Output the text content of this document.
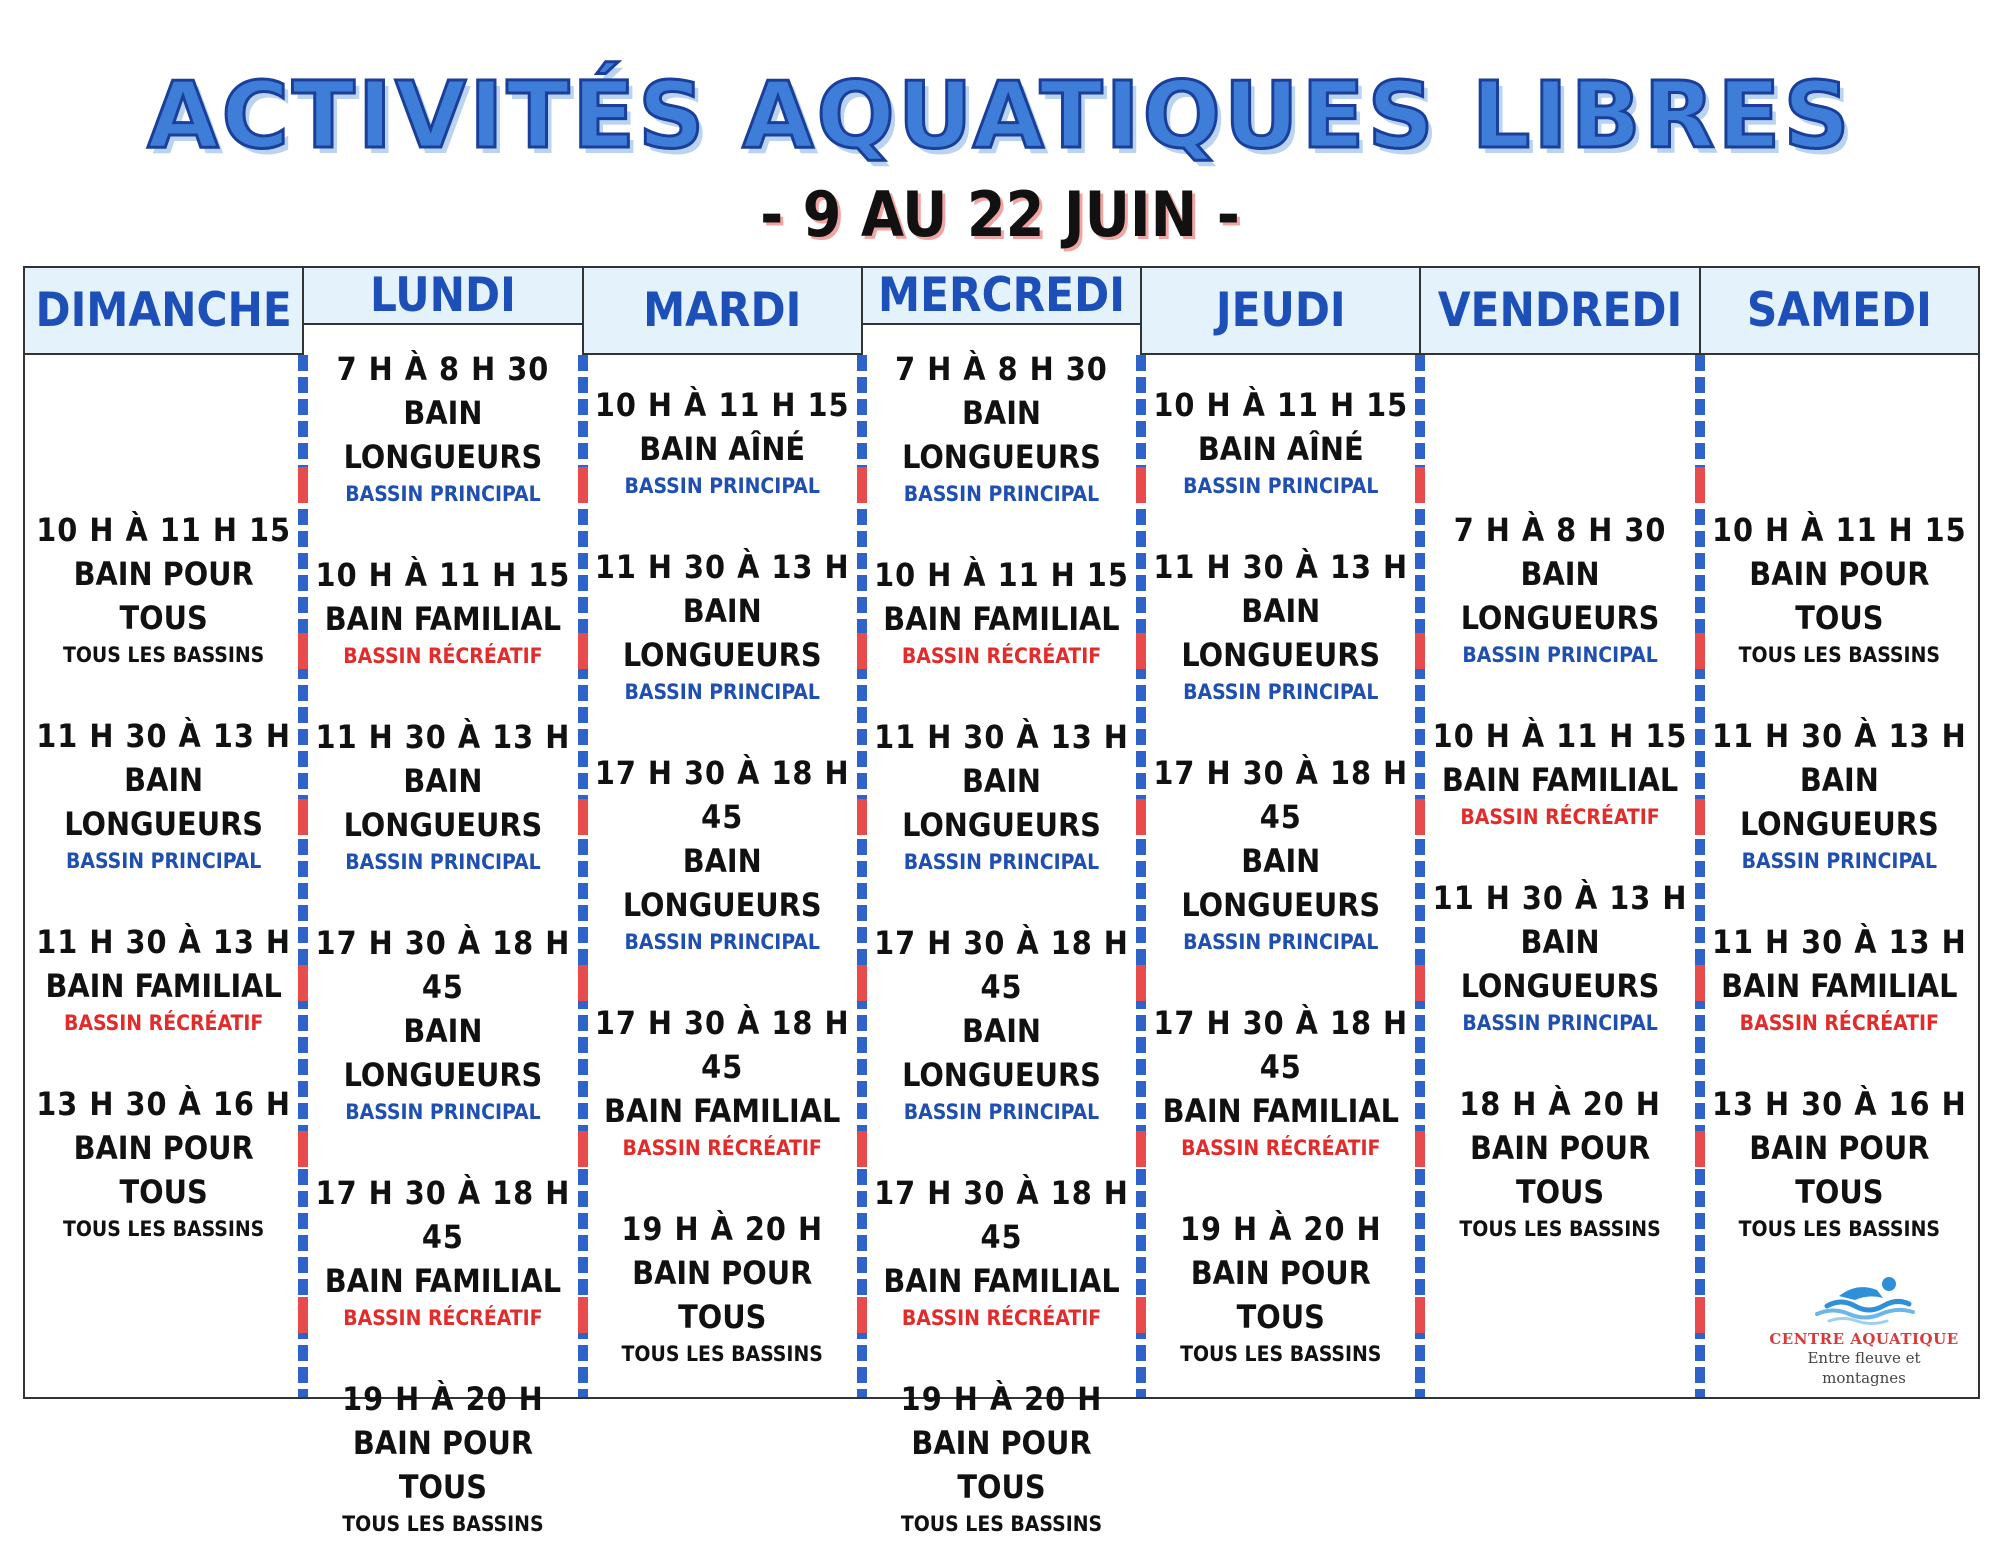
ACTIVITÉS AQUATIQUES LIBRES
- 9 AU 22 JUIN -
DIMANCHE
10 H À 11 H 15
BAIN POUR TOUS
TOUS LES BASSINS
11 H 30 À 13 H
BAIN LONGUEURS
BASSIN PRINCIPAL
11 H 30 À 13 H
BAIN FAMILIAL
BASSIN RÉCRÉATIF
13 H 30 À 16 H
BAIN POUR TOUS
TOUS LES BASSINS
LUNDI
7 H À 8 H 30
BAIN LONGUEURS
BASSIN PRINCIPAL
10 H À 11 H 15
BAIN FAMILIAL
BASSIN RÉCRÉATIF
11 H 30 À 13 H
BAIN LONGUEURS
BASSIN PRINCIPAL
17 H 30 À 18 H 45
BAIN LONGUEURS
BASSIN PRINCIPAL
17 H 30 À 18 H 45
BAIN FAMILIAL
BASSIN RÉCRÉATIF
19 H À 20 H
BAIN POUR TOUS
TOUS LES BASSINS
MARDI
10 H À 11 H 15
BAIN AÎNÉ
BASSIN PRINCIPAL
11 H 30 À 13 H
BAIN LONGUEURS
BASSIN PRINCIPAL
17 H 30 À 18 H 45
BAIN LONGUEURS
BASSIN PRINCIPAL
17 H 30 À 18 H 45
BAIN FAMILIAL
BASSIN RÉCRÉATIF
19 H À 20 H
BAIN POUR TOUS
TOUS LES BASSINS
MERCREDI
7 H À 8 H 30
BAIN LONGUEURS
BASSIN PRINCIPAL
10 H À 11 H 15
BAIN FAMILIAL
BASSIN RÉCRÉATIF
11 H 30 À 13 H
BAIN LONGUEURS
BASSIN PRINCIPAL
17 H 30 À 18 H 45
BAIN LONGUEURS
BASSIN PRINCIPAL
17 H 30 À 18 H 45
BAIN FAMILIAL
BASSIN RÉCRÉATIF
19 H À 20 H
BAIN POUR TOUS
TOUS LES BASSINS
JEUDI
10 H À 11 H 15
BAIN AÎNÉ
BASSIN PRINCIPAL
11 H 30 À 13 H
BAIN LONGUEURS
BASSIN PRINCIPAL
17 H 30 À 18 H 45
BAIN LONGUEURS
BASSIN PRINCIPAL
17 H 30 À 18 H 45
BAIN FAMILIAL
BASSIN RÉCRÉATIF
19 H À 20 H
BAIN POUR TOUS
TOUS LES BASSINS
VENDREDI
7 H À 8 H 30
BAIN LONGUEURS
BASSIN PRINCIPAL
10 H À 11 H 15
BAIN FAMILIAL
BASSIN RÉCRÉATIF
11 H 30 À 13 H
BAIN LONGUEURS
BASSIN PRINCIPAL
18 H À 20 H
BAIN POUR TOUS
TOUS LES BASSINS
SAMEDI
10 H À 11 H 15
BAIN POUR TOUS
TOUS LES BASSINS
11 H 30 À 13 H
BAIN LONGUEURS
BASSIN PRINCIPAL
11 H 30 À 13 H
BAIN FAMILIAL
BASSIN RÉCRÉATIF
13 H 30 À 16 H
BAIN POUR TOUS
TOUS LES BASSINS
CENTRE AQUATIQUE
Entre fleuve et montagnes
